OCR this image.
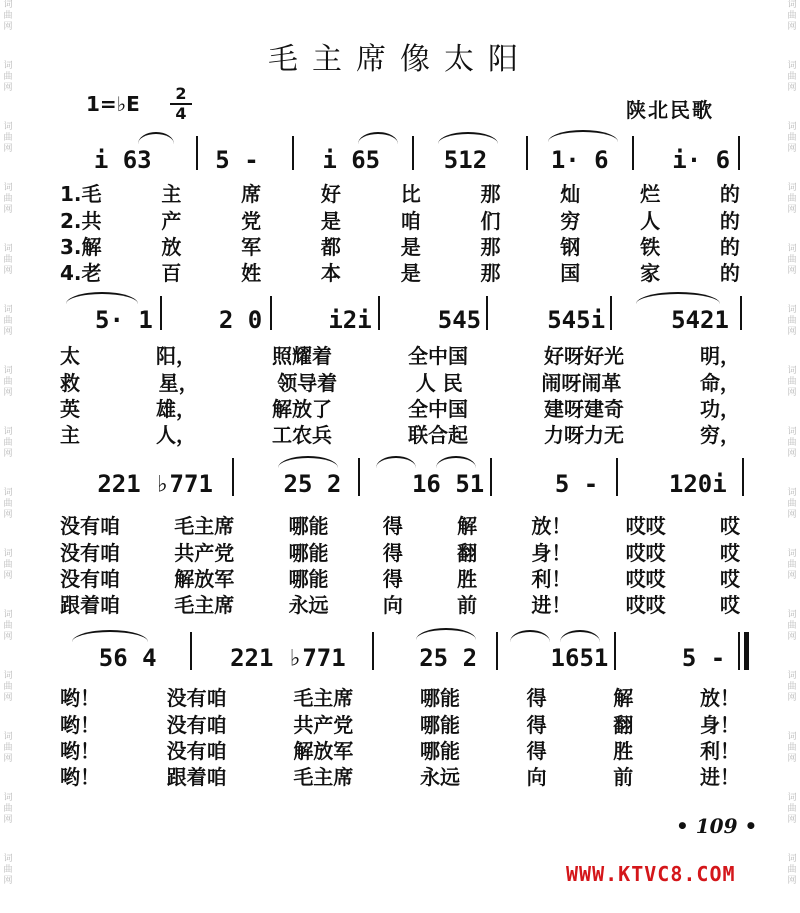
词曲网
词曲网
词曲网
词曲网
词曲网
词曲网
词曲网
词曲网
词曲网
词曲网
词曲网
词曲网
词曲网
词曲网
词曲网
词曲网
词曲网
词曲网
词曲网
词曲网
词曲网
词曲网
词曲网
词曲网
词曲网
词曲网
词曲网
词曲网
词曲网
词曲网
毛主席像太阳
1=♭E	2
4	陕北民歌
i 63	5 -	i 65	512	1· 6	i· 6
1.毛	主	席	好	比	那	灿	烂	的
2.共	产	党	是	咱	们	穷	人	的
3.解	放	军	都	是	那	钢	铁	的
4.老	百	姓	本	是	那	国	家	的
5· 1	2 0	i2i	545	545i	5421
太	阳，	照耀着	全中国	好呀好光	明，
救	星，	领导着	人 民	闹呀闹革	命，
英	雄，	解放了	全中国	建呀建奇	功，
主	人，	工农兵	联合起	力呀力无	穷，
221 ♭771	25 2	16 51	5 -	120i
没有咱	毛主席	哪能	得	解	放！	哎哎	哎
没有咱	共产党	哪能	得	翻	身！	哎哎	哎
没有咱	解放军	哪能	得	胜	利！	哎哎	哎
跟着咱	毛主席	永远	向	前	进！	哎哎	哎
56 4	221 ♭771	25 2	1651	5 -
哟！	没有咱	毛主席	哪能	得	解	放！
哟！	没有咱	共产党	哪能	得	翻	身！
哟！	没有咱	解放军	哪能	得	胜	利！
哟！	跟着咱	毛主席	永远	向	前	进！
• 109 •
WWW.KTVC8.COM
